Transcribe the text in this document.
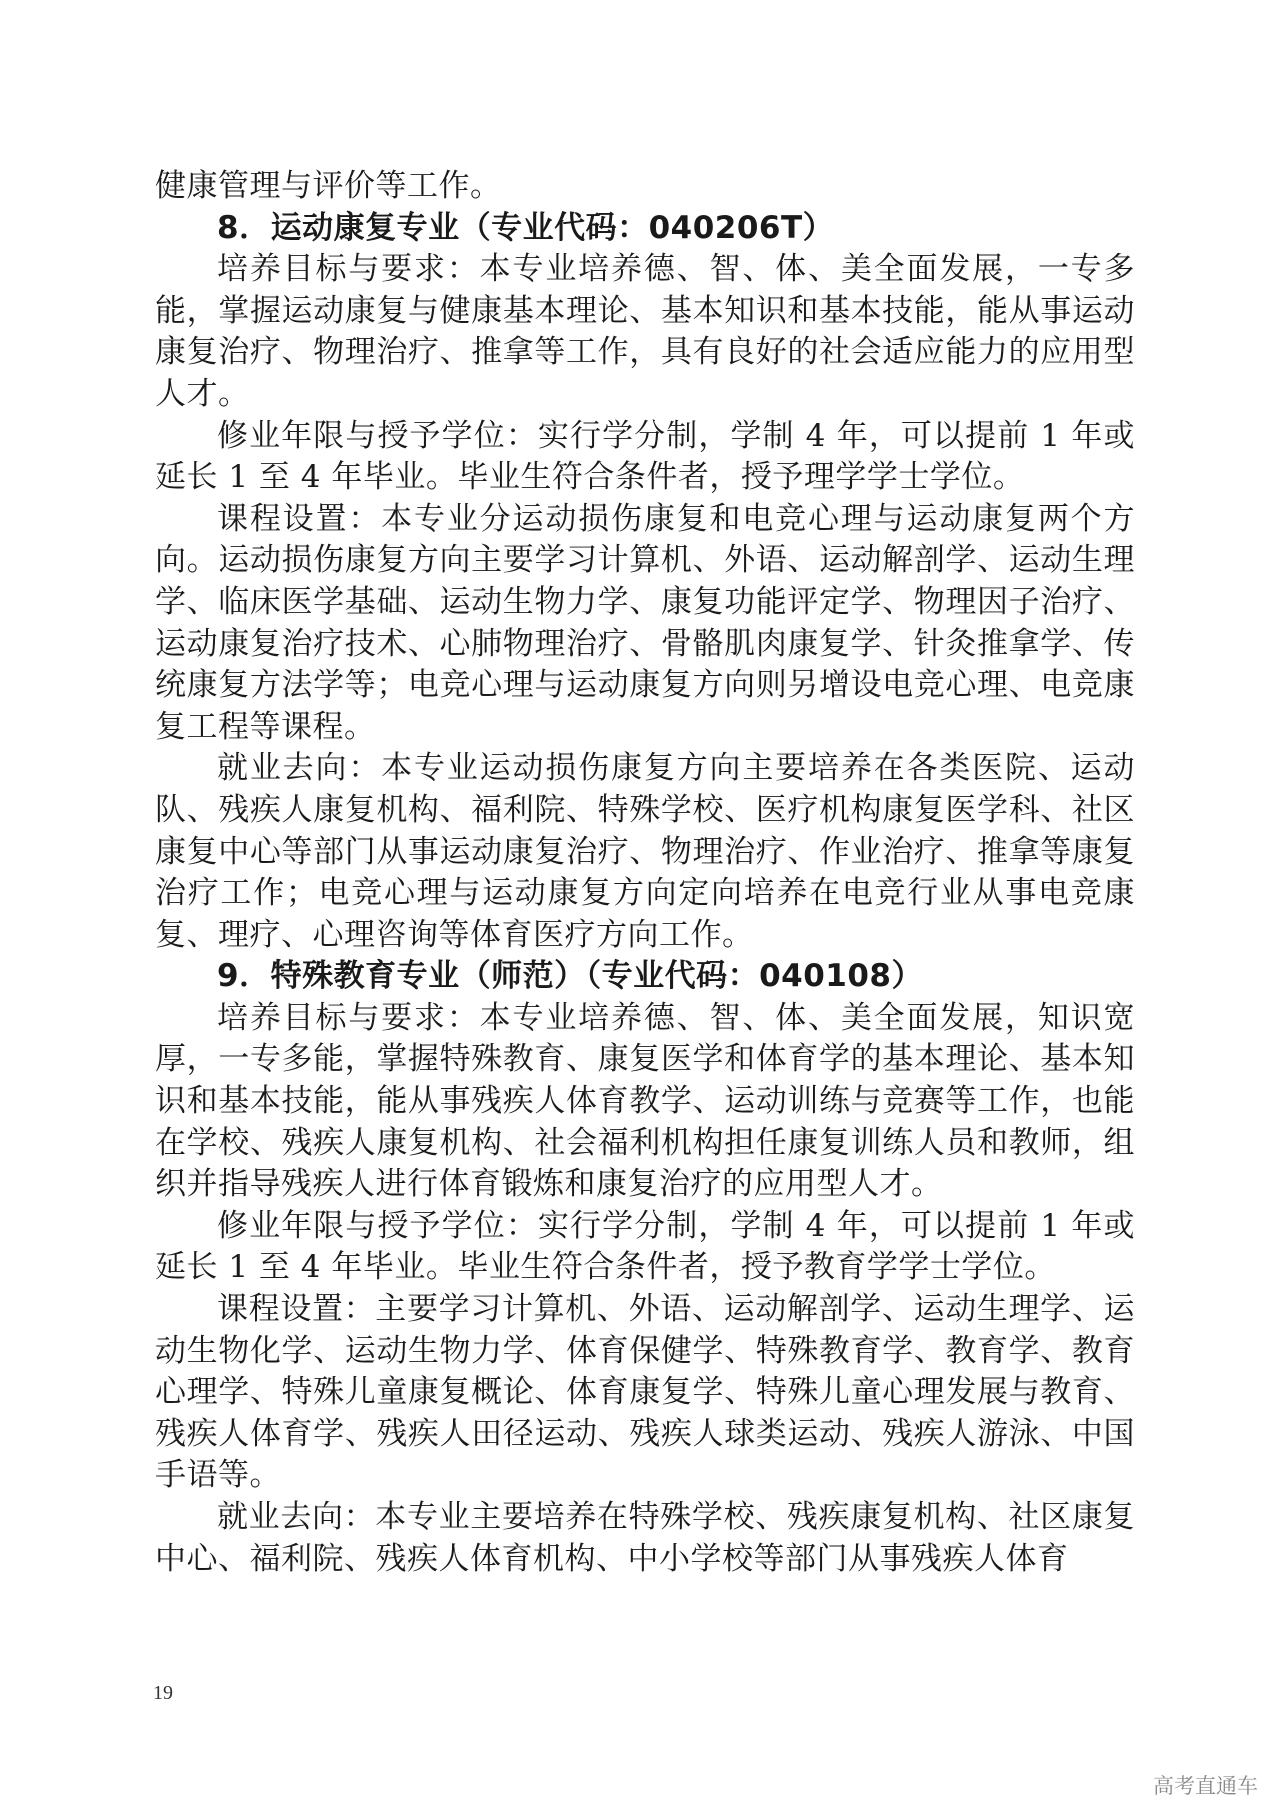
健康管理与评价等工作。

8．运动康复专业（专业代码：040206T）

培养目标与要求：本专业培养德、智、体、美全面发展，一专多能，掌握运动康复与健康基本理论、基本知识和基本技能，能从事运动康复治疗、物理治疗、推拿等工作，具有良好的社会适应能力的应用型人才。

修业年限与授予学位：实行学分制，学制 4 年，可以提前 1 年或延长 1 至 4 年毕业。毕业生符合条件者，授予理学学士学位。

课程设置：本专业分运动损伤康复和电竞心理与运动康复两个方向。运动损伤康复方向主要学习计算机、外语、运动解剖学、运动生理学、临床医学基础、运动生物力学、康复功能评定学、物理因子治疗、运动康复治疗技术、心肺物理治疗、骨骼肌肉康复学、针灸推拿学、传统康复方法学等；电竞心理与运动康复方向则另增设电竞心理、电竞康复工程等课程。

就业去向：本专业运动损伤康复方向主要培养在各类医院、运动队、残疾人康复机构、福利院、特殊学校、医疗机构康复医学科、社区康复中心等部门从事运动康复治疗、物理治疗、作业治疗、推拿等康复治疗工作；电竞心理与运动康复方向定向培养在电竞行业从事电竞康复、理疗、心理咨询等体育医疗方向工作。

9．特殊教育专业（师范）（专业代码：040108）

培养目标与要求：本专业培养德、智、体、美全面发展，知识宽厚，一专多能，掌握特殊教育、康复医学和体育学的基本理论、基本知识和基本技能，能从事残疾人体育教学、运动训练与竞赛等工作，也能在学校、残疾人康复机构、社会福利机构担任康复训练人员和教师，组织并指导残疾人进行体育锻炼和康复治疗的应用型人才。

修业年限与授予学位：实行学分制，学制 4 年，可以提前 1 年或延长 1 至 4 年毕业。毕业生符合条件者，授予教育学学士学位。

课程设置：主要学习计算机、外语、运动解剖学、运动生理学、运动生物化学、运动生物力学、体育保健学、特殊教育学、教育学、教育心理学、特殊儿童康复概论、体育康复学、特殊儿童心理发展与教育、残疾人体育学、残疾人田径运动、残疾人球类运动、残疾人游泳、中国手语等。

就业去向：本专业主要培养在特殊学校、残疾康复机构、社区康复中心、福利院、残疾人体育机构、中小学校等部门从事残疾人体育

19
高考直通车
